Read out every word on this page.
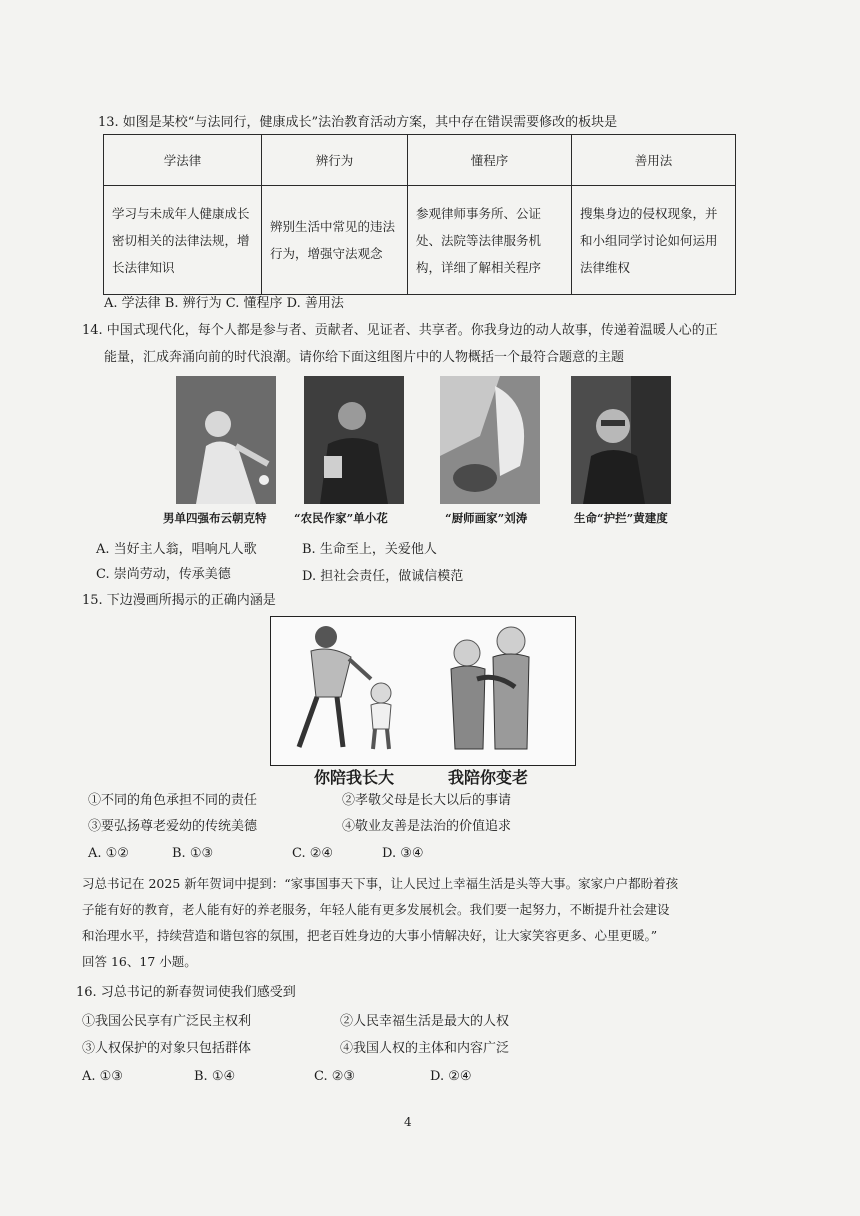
13. 如图是某校“与法同行，健康成长”法治教育活动方案，其中存在错误需要修改的板块是
学法律	辨行为	懂程序	善用法
学习与未成年人健康成长密切相关的法律法规，增长法律知识	辨别生活中常见的违法行为，增强守法观念	参观律师事务所、公证处、法院等法律服务机构，详细了解相关程序	搜集身边的侵权现象，并和小组同学讨论如何运用法律维权
A. 学法律 B. 辨行为 C. 懂程序 D. 善用法
14. 中国式现代化，每个人都是参与者、贡献者、见证者、共享者。你我身边的动人故事，传递着温暖人心的正
能量，汇成奔涌向前的时代浪潮。请你给下面这组图片中的人物概括一个最符合题意的主题
男单四强布云朝克特 “农民作家”单小花	“厨师画家”刘涛	生命“护拦”黄建度
A. 当好主人翁，唱响凡人歌	B. 生命至上，关爱他人
C. 崇尚劳动，传承美德	D. 担社会责任，做诚信模范
15. 下边漫画所揭示的正确内涵是
你陪我长大	我陪你变老
①不同的角色承担不同的责任	②孝敬父母是长大以后的事请
③要弘扬尊老爱幼的传统美德	④敬业友善是法治的价值追求
A. ①②	B. ①③	C. ②④	D. ③④
习总书记在 2025 新年贺词中提到：“家事国事天下事，让人民过上幸福生活是头等大事。家家户户都盼着孩
子能有好的教育，老人能有好的养老服务，年轻人能有更多发展机会。我们要一起努力，不断提升社会建设
和治理水平，持续营造和谐包容的氛围，把老百姓身边的大事小情解决好，让大家笑容更多、心里更暖。”
回答 16、17 小题。
16. 习总书记的新春贺词使我们感受到
①我国公民享有广泛民主权利	②人民幸福生活是最大的人权
③人权保护的对象只包括群体	④我国人权的主体和内容广泛
A. ①③	B. ①④	C. ②③	D. ②④
4
